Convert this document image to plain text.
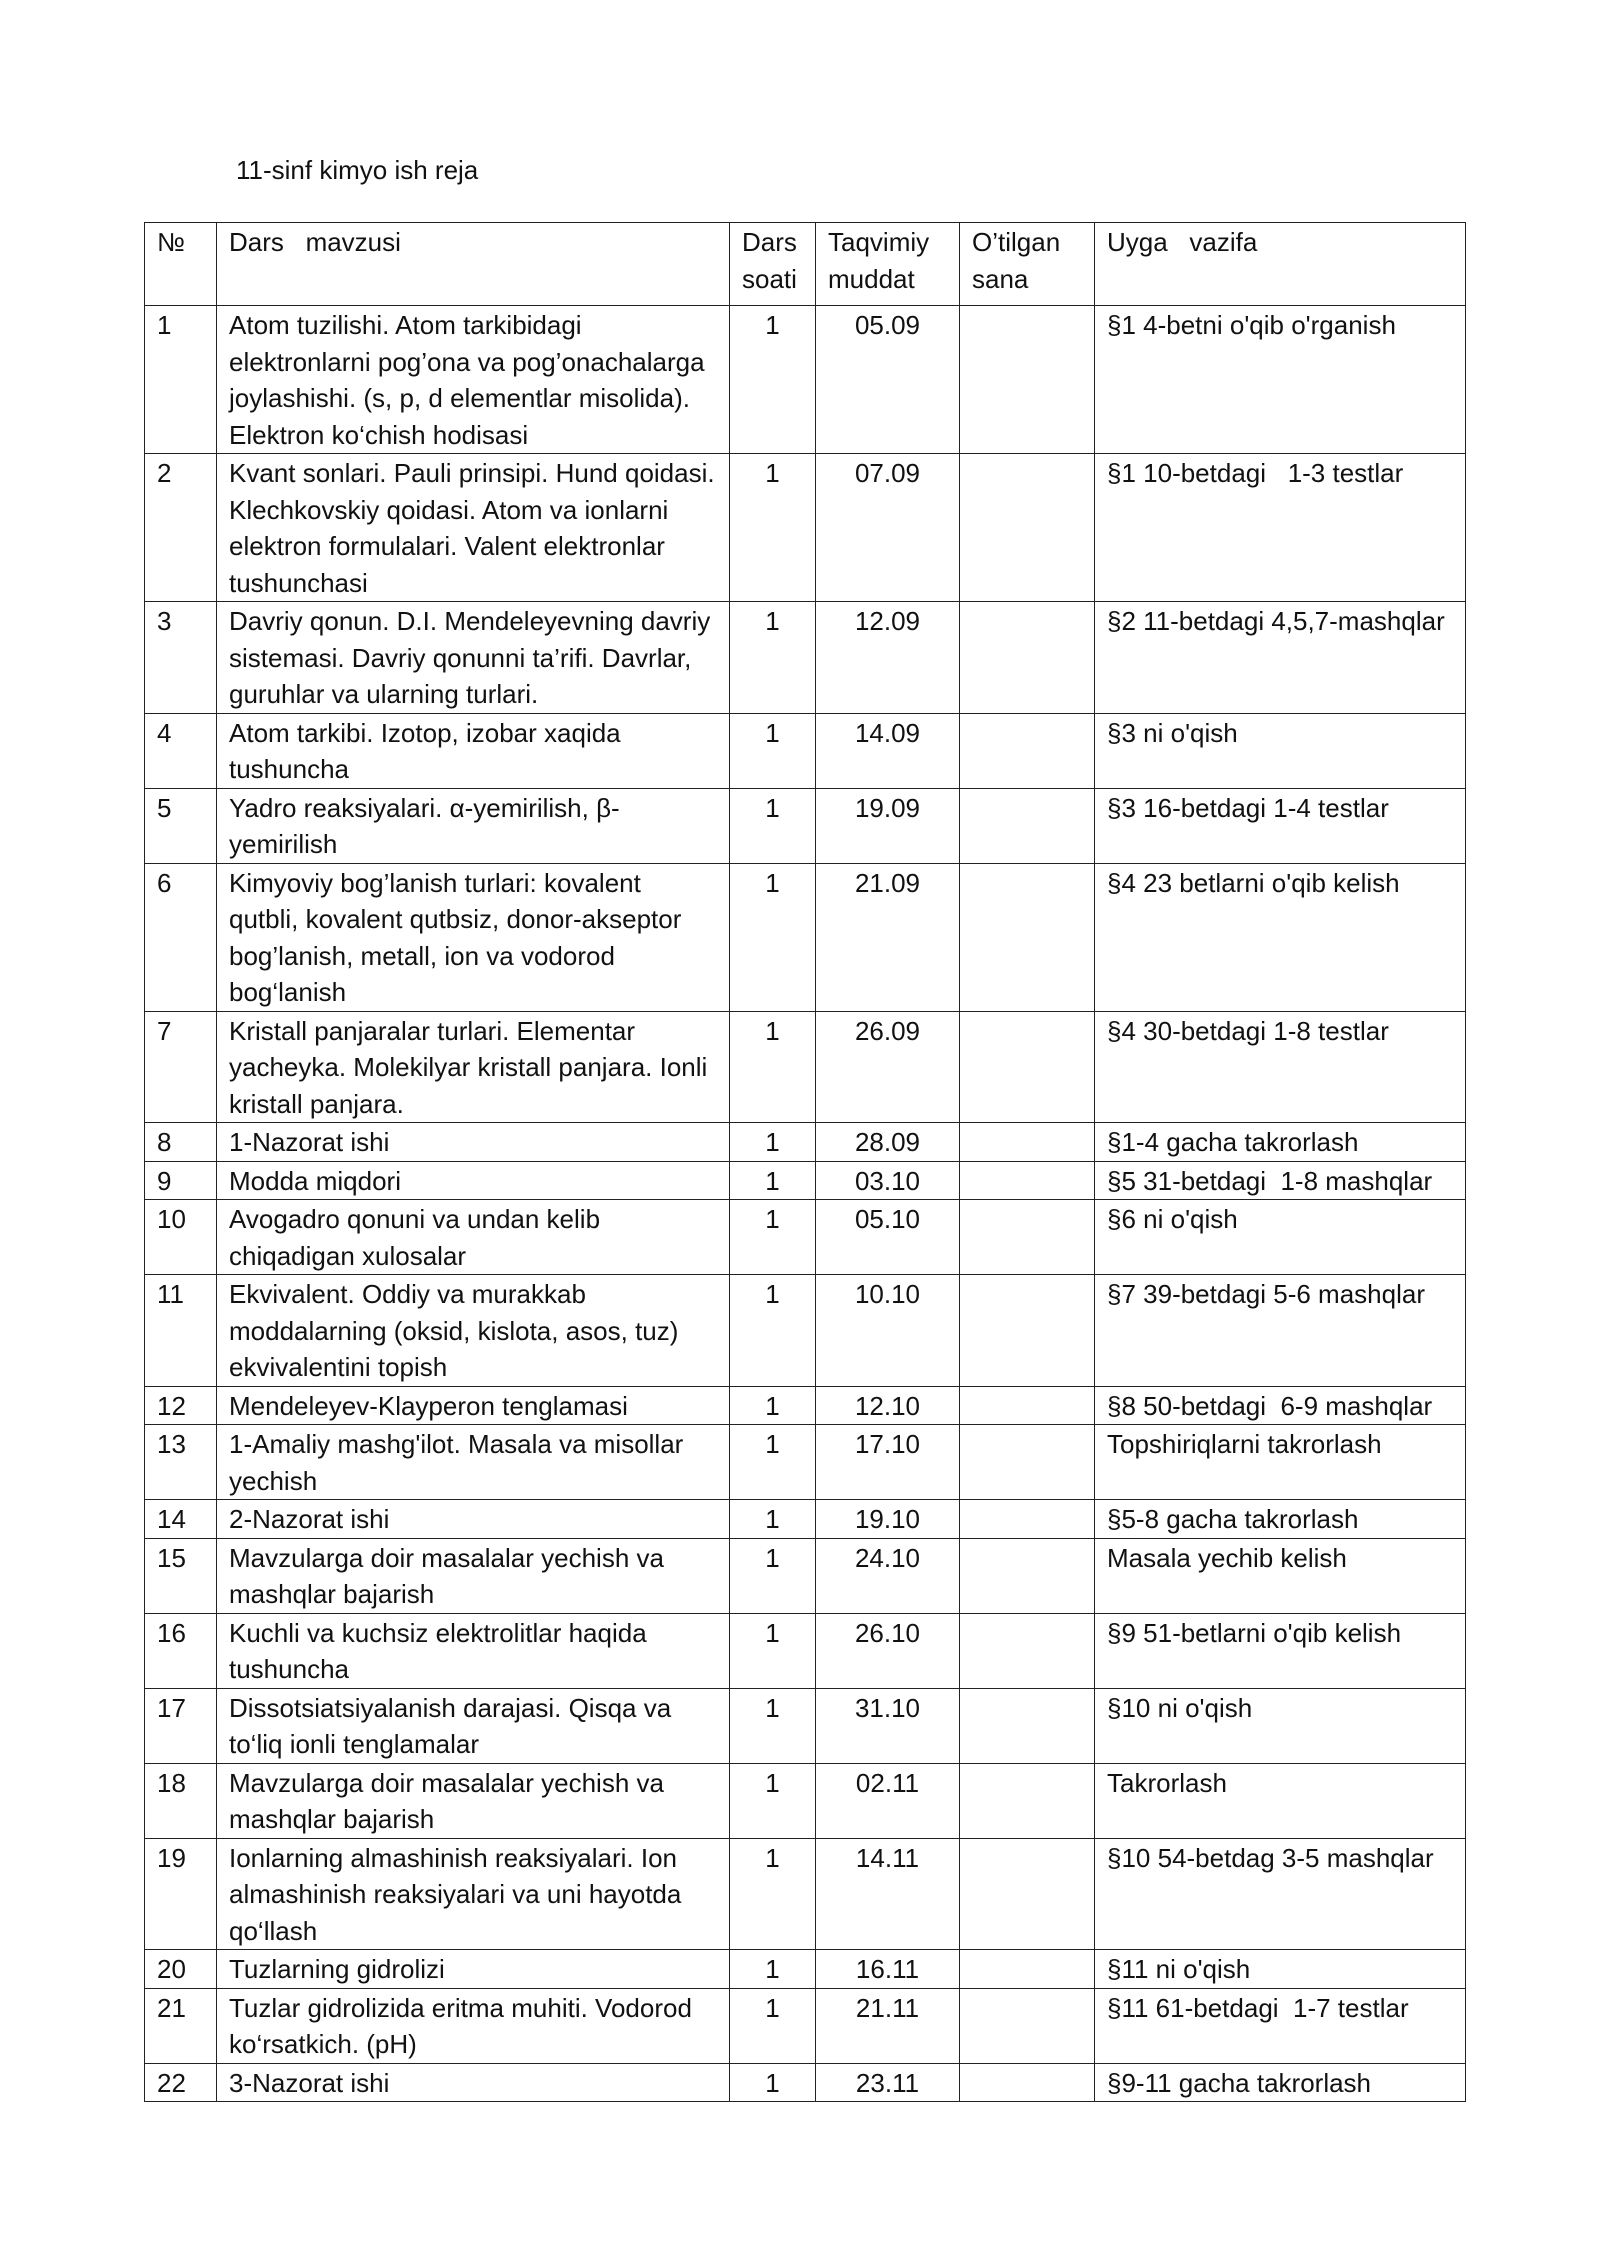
11-sinf kimyo ish reja
№	Dars   mavzusi	Dars soati	Taqvimiy muddat	O’tilgan sana	Uyga   vazifa
1	Atom tuzilishi. Atom tarkibidagi elektronlarni pog’ona va pog’onachalarga joylashishi. (s, p, d elementlar misolida). Elektron ko‘chish hodisasi	1	05.09		§1 4-betni o'qib o'rganish
2	Kvant sonlari. Pauli prinsipi. Hund qoidasi. Klechkovskiy qoidasi. Atom va ionlarni elektron formulalari. Valent elektronlar tushunchasi	1	07.09		§1 10-betdagi   1-3 testlar
3	Davriy qonun. D.I. Mendeleyevning davriy sistemasi. Davriy qonunni ta’rifi. Davrlar, guruhlar va ularning turlari.	1	12.09		§2 11-betdagi 4,5,7-mashqlar
4	Atom tarkibi. Izotop, izobar xaqida tushuncha	1	14.09		§3 ni o'qish
5	Yadro reaksiyalari. α-yemirilish, β-yemirilish	1	19.09		§3 16-betdagi 1-4 testlar
6	Kimyoviy bog’lanish turlari: kovalent qutbli, kovalent qutbsiz, donor-akseptor bog’lanish, metall, ion va vodorod bog‘lanish	1	21.09		§4 23 betlarni o'qib kelish
7	Kristall panjaralar turlari. Elementar yacheyka. Molekilyar kristall panjara. Ionli kristall panjara.	1	26.09		§4 30-betdagi 1-8 testlar
8	1-Nazorat ishi	1	28.09		§1-4 gacha takrorlash
9	Modda miqdori	1	03.10		§5 31-betdagi  1-8 mashqlar
10	Avogadro qonuni va undan kelib chiqadigan xulosalar	1	05.10		§6 ni o'qish
11	Ekvivalent. Oddiy va murakkab moddalarning (oksid, kislota, asos, tuz) ekvivalentini topish	1	10.10		§7 39-betdagi 5-6 mashqlar
12	Mendeleyev-Klayperon tenglamasi	1	12.10		§8 50-betdagi  6-9 mashqlar
13	1-Amaliy mashg'ilot. Masala va misollar yechish	1	17.10		Topshiriqlarni takrorlash
14	2-Nazorat ishi	1	19.10		§5-8 gacha takrorlash
15	Mavzularga doir masalalar yechish va mashqlar bajarish	1	24.10		Masala yechib kelish
16	Kuchli va kuchsiz elektrolitlar haqida tushuncha	1	26.10		§9 51-betlarni o'qib kelish
17	Dissotsiatsiyalanish darajasi. Qisqa va to‘liq ionli tenglamalar	1	31.10		§10 ni o'qish
18	Mavzularga doir masalalar yechish va mashqlar bajarish	1	02.11		Takrorlash
19	Ionlarning almashinish reaksiyalari. Ion almashinish reaksiyalari va uni hayotda qo‘llash	1	14.11		§10 54-betdag 3-5 mashqlar
20	Tuzlarning gidrolizi	1	16.11		§11 ni o'qish
21	Tuzlar gidrolizida eritma muhiti. Vodorod ko‘rsatkich. (pH)	1	21.11		§11 61-betdagi  1-7 testlar
22	3-Nazorat ishi	1	23.11		§9-11 gacha takrorlash
